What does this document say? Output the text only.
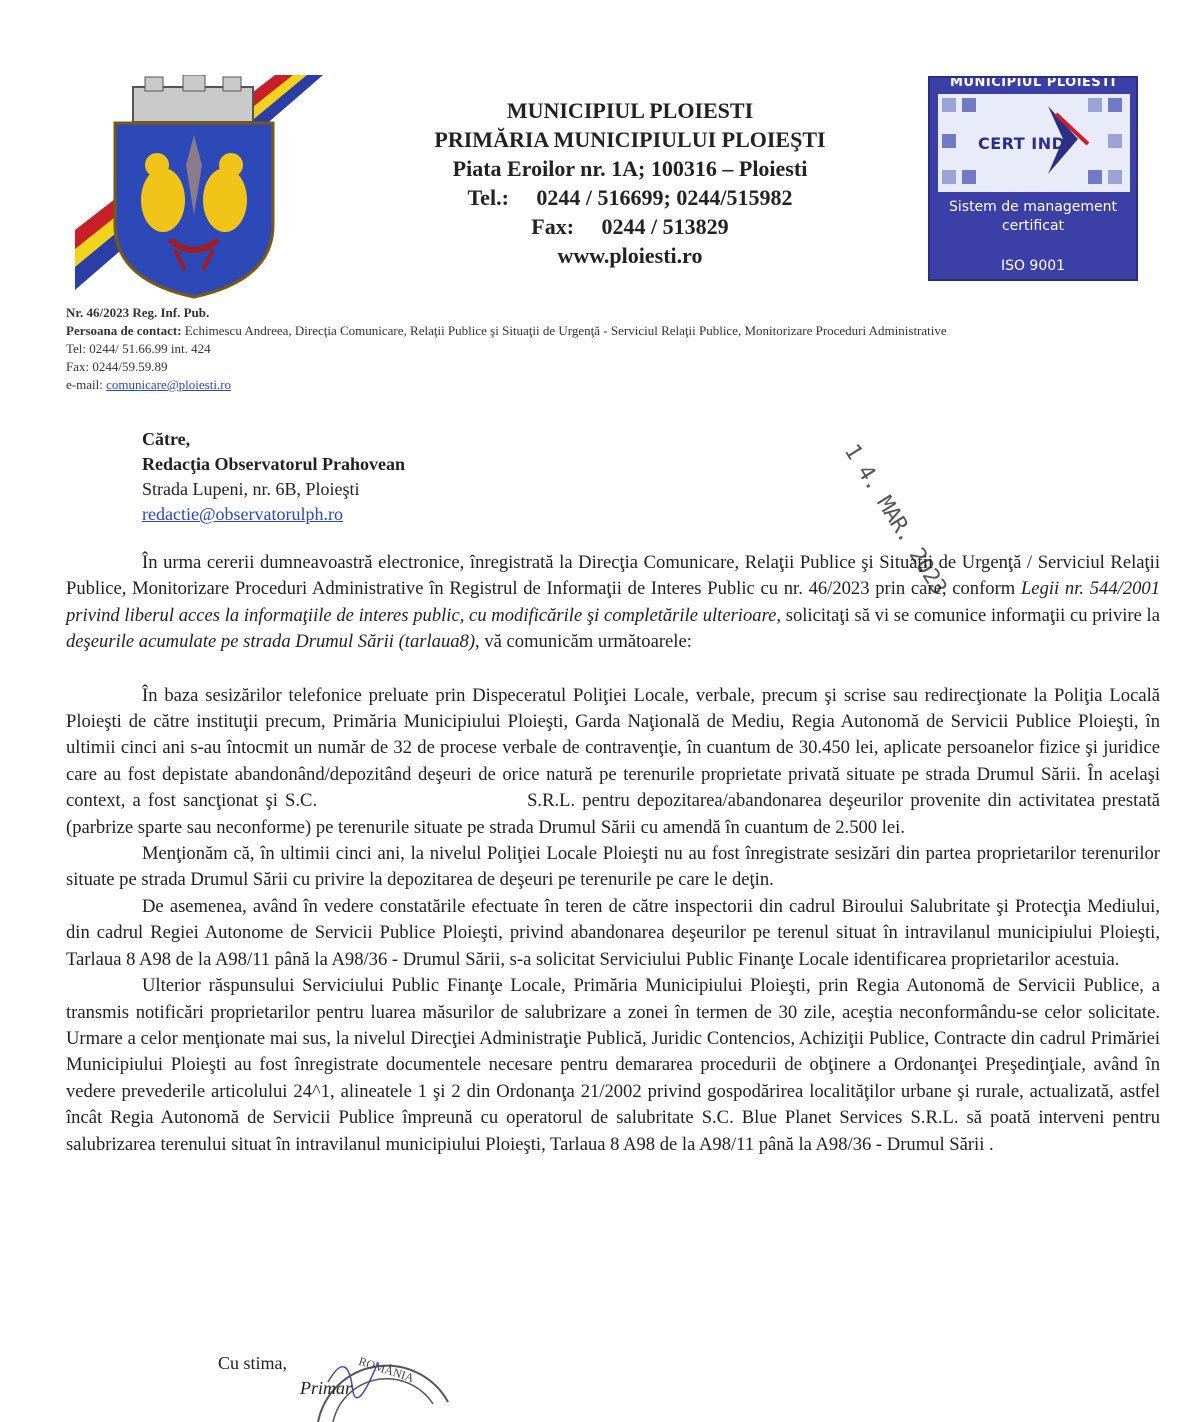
MUNICIPIUL PLOIESTI
PRIMĂRIA MUNICIPIULUI PLOIEŞTI
Piata Eroilor nr. 1A; 100316 – Ploiesti
Tel.:     0244 / 516699; 0244/515982
Fax:     0244 / 513829
www.ploiesti.ro
MUNICIPIUL PLOIESTI
CERT IND
Sistem de management
certificat
ISO 9001
Nr. 46/2023 Reg. Inf. Pub.
Persoana de contact: Echimescu Andreea, Direcţia Comunicare, Relaţii Publice şi Situaţii de Urgenţă - Serviciul Relaţii Publice, Monitorizare Proceduri Administrative
Tel: 0244/ 51.66.99 int. 424
Fax: 0244/59.59.89
e-mail: comunicare@ploiesti.ro
1 4. MAR. 2023
Către,
Redacţia Observatorul Prahovean
Strada Lupeni, nr. 6B, Ploieşti
redactie@observatorulph.ro

În urma cererii dumneavoastră electronice, înregistrată la Direcţia Comunicare, Relaţii Publice şi Situaţii de Urgenţă / Serviciul Relaţii Publice, Monitorizare Proceduri Administrative în Registrul de Informaţii de Interes Public cu nr. 46/2023 prin care, conform Legii nr. 544/2001 privind liberul acces la informaţiile de interes public, cu modificările şi completările ulterioare, solicitaţi să vi se comunice informaţii cu privire la deşeurile acumulate pe strada Drumul Sării (tarlaua8), vă comunicăm următoarele:

În baza sesizărilor telefonice preluate prin Dispeceratul Poliţiei Locale, verbale, precum şi scrise sau redirecţionate la Poliţia Locală Ploieşti de către instituţii precum, Primăria Municipiului Ploieşti, Garda Naţională de Mediu, Regia Autonomă de Servicii Publice Ploieşti, în ultimii cinci ani s-au întocmit un număr de 32 de procese verbale de contravenţie, în cuantum de 30.450 lei, aplicate persoanelor fizice şi juridice care au fost depistate abandonând/depozitând deşeuri de orice natură pe terenurile proprietate privată situate pe strada Drumul Sării. În acelaşi context, a fost sancţionat şi S.C.	S.R.L. pentru depozitarea/abandonarea deşeurilor provenite din activitatea prestată (parbrize sparte sau neconforme) pe terenurile situate pe strada Drumul Sării cu amendă în cuantum de 2.500 lei.

Menţionăm că, în ultimii cinci ani, la nivelul Poliţiei Locale Ploieşti nu au fost înregistrate sesizări din partea proprietarilor terenurilor situate pe strada Drumul Sării cu privire la depozitarea de deşeuri pe terenurile pe care le deţin.

De asemenea, având în vedere constatările efectuate în teren de către inspectorii din cadrul Biroului Salubritate şi Protecţia Mediului, din cadrul Regiei Autonome de Servicii Publice Ploieşti, privind abandonarea deşeurilor pe terenul situat în intravilanul municipiului Ploieşti, Tarlaua 8 A98 de la A98/11 până la A98/36 - Drumul Sării, s-a solicitat Serviciului Public Finanţe Locale identificarea proprietarilor acestuia.

Ulterior răspunsului Serviciului Public Finanţe Locale, Primăria Municipiului Ploieşti, prin Regia Autonomă de Servicii Publice, a transmis notificări proprietarilor pentru luarea măsurilor de salubrizare a zonei în termen de 30 zile, aceştia neconformându-se celor solicitate. Urmare a celor menţionate mai sus, la nivelul Direcţiei Administraţie Publică, Juridic Contencios, Achiziţii Publice, Contracte din cadrul Primăriei Municipiului Ploieşti au fost înregistrate documentele necesare pentru demararea procedurii de obţinere a Ordonanţei Preşedinţiale, având în vedere prevederile articolului 24^1, alineatele 1 şi 2 din Ordonanţa 21/2002 privind gospodărirea localităţilor urbane şi rurale, actualizată, astfel încât Regia Autonomă de Servicii Publice împreună cu operatorul de salubritate S.C. Blue Planet Services S.R.L. să poată interveni pentru salubrizarea terenului situat în intravilanul municipiului Ploieşti, Tarlaua 8 A98 de la A98/11 până la A98/36 - Drumul Sării .

ROMÂNIA
Cu stima,
Primar
